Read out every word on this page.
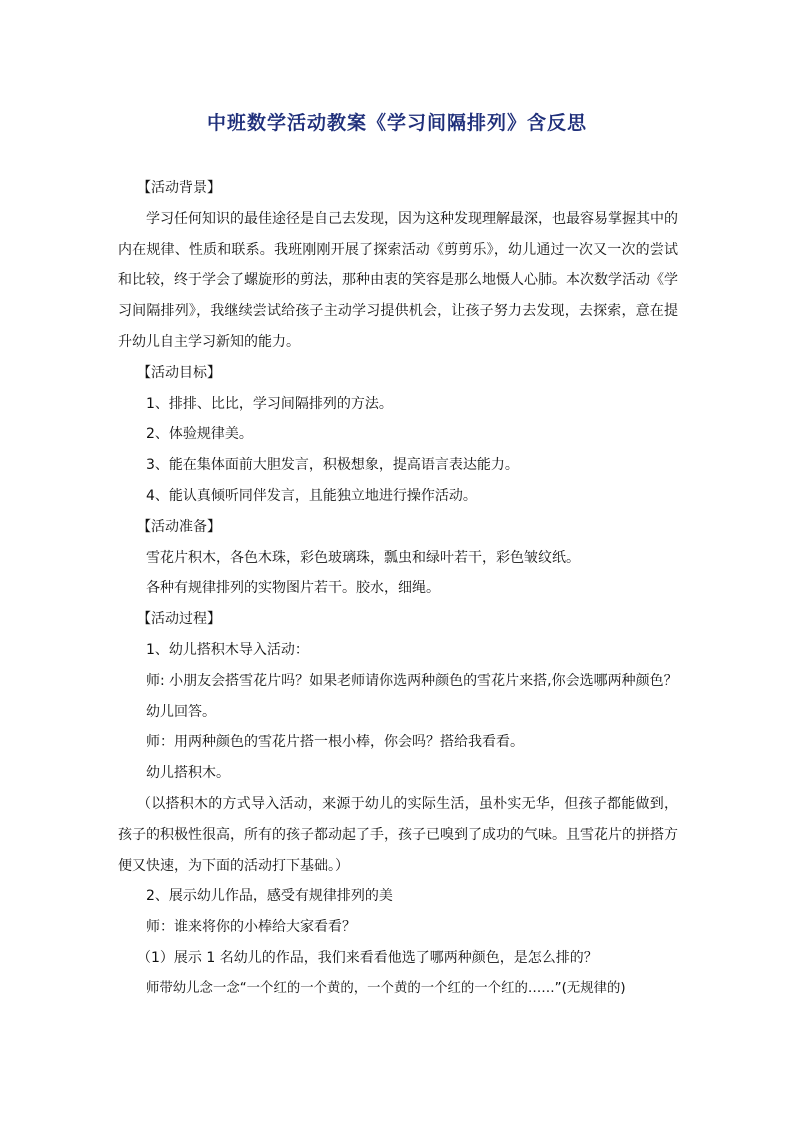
中班数学活动教案《学习间隔排列》含反思

【活动背景】

学习任何知识的最佳途径是自己去发现，因为这种发现理解最深，也最容易掌握其中的内在规律、性质和联系。我班刚刚开展了探索活动《剪剪乐》，幼儿通过一次又一次的尝试和比较，终于学会了螺旋形的剪法，那种由衷的笑容是那么地慑人心肺。本次数学活动《学习间隔排列》，我继续尝试给孩子主动学习提供机会，让孩子努力去发现，去探索，意在提升幼儿自主学习新知的能力。

【活动目标】

1、排排、比比，学习间隔排列的方法。

2、体验规律美。

3、能在集体面前大胆发言，积极想象，提高语言表达能力。

4、能认真倾听同伴发言，且能独立地进行操作活动。

【活动准备】

雪花片积木，各色木珠，彩色玻璃珠，瓢虫和绿叶若干，彩色皱纹纸。

各种有规律排列的实物图片若干。胶水，细绳。

【活动过程】

1、幼儿搭积木导入活动：

师: 小朋友会搭雪花片吗？如果老师请你选两种颜色的雪花片来搭,你会选哪两种颜色？

幼儿回答。

师：用两种颜色的雪花片搭一根小棒，你会吗？搭给我看看。

幼儿搭积木。

（以搭积木的方式导入活动，来源于幼儿的实际生活，虽朴实无华，但孩子都能做到，孩子的积极性很高，所有的孩子都动起了手，孩子已嗅到了成功的气味。且雪花片的拼搭方便又快速，为下面的活动打下基础。）

2、展示幼儿作品，感受有规律排列的美

师：谁来将你的小棒给大家看看？

（1）展示 1 名幼儿的作品，我们来看看他选了哪两种颜色，是怎么排的？

师带幼儿念一念“一个红的一个黄的，一个黄的一个红的一个红的……”(无规律的)
